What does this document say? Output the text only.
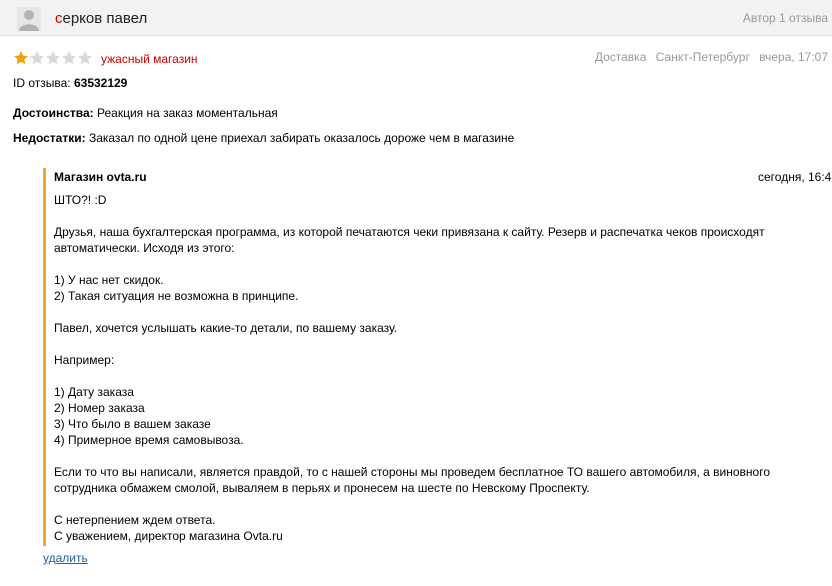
серков павел	Автор 1 отзыва
ужасный магазин	Доставка Санкт-Петербург вчера, 17:07
ID отзыва: 63532129
Достоинства: Реакция на заказ моментальная
Недостатки: Заказал по одной цене приехал забирать оказалось дороже чем в магазине
Магазин ovta.ru	сегодня, 16:4

ШТО?! :D

Друзья, наша бухгалтерская программа, из которой печатаются чеки привязана к сайту. Резерв и распечатка чеков происходят

автоматически. Исходя из этого:

1) У нас нет скидок.

2) Такая ситуация не возможна в принципе.

Павел, хочется услышать какие-то детали, по вашему заказу.

Например:

1) Дату заказа

2) Номер заказа

3) Что было в вашем заказе

4) Примерное время самовывоза.

Если то что вы написали, является правдой, то с нашей стороны мы проведем бесплатное ТО вашего автомобиля, а виновного

сотрудника обмажем смолой, вываляем в перьях и пронесем на шесте по Невскому Проспекту.

С нетерпением ждем ответа.

С уважением, директор магазина Ovta.ru

удалить
